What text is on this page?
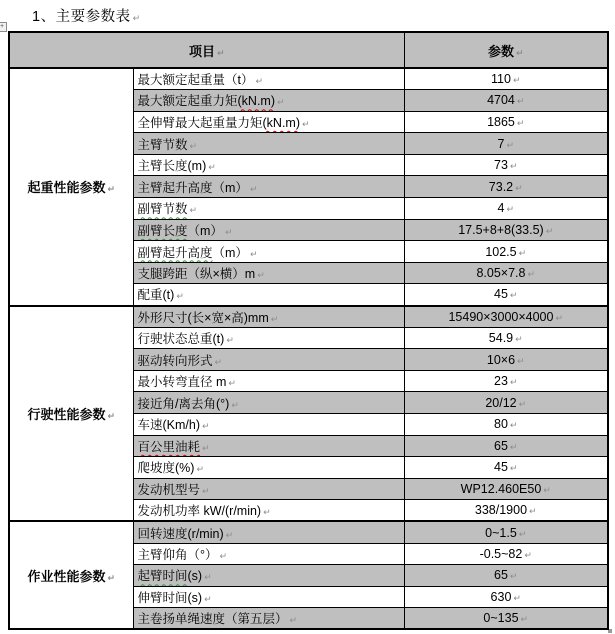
1、主要参数表 ↵
+
项目 ↵		参数 ↵
起重性能参数 ↵	最大额定起重量（t） ↵	110 ↵
	最大额定起重力矩(kN.m) ↵	4704 ↵
	全伸臂最大起重量力矩(kN.m) ↵	1865 ↵
	主臂节数 ↵	7 ↵
	主臂长度(m) ↵	73 ↵
	主臂起升高度（m） ↵	73.2 ↵
	副臂节数 ↵	4 ↵
	副臂长度（m） ↵	17.5+8+8(33.5) ↵
	副臂起升高度（m） ↵	102.5 ↵
	支腿跨距（纵×横）m ↵	8.05×7.8 ↵
	配重(t) ↵	45 ↵
行驶性能参数 ↵	外形尺寸(长×宽×高)mm ↵	15490×3000×4000 ↵
	行驶状态总重(t) ↵	54.9 ↵
	驱动转向形式 ↵	10×6 ↵
	最小转弯直径 m ↵	23 ↵
	接近角/离去角(°) ↵	20/12 ↵
	车速(Km/h) ↵	80 ↵
	百公里油耗 ↵	65 ↵
	爬坡度(%) ↵	45 ↵
	发动机型号 ↵	WP12.460E50 ↵
	发动机功率 kW/(r/min) ↵	338/1900 ↵
作业性能参数 ↵	回转速度(r/min) ↵	0~1.5 ↵
	主臂仰角（°） ↵	-0.5~82 ↵
	起臂时间(s) ↵	65 ↵
	伸臂时间(s) ↵	630 ↵
	主卷扬单绳速度（第五层） ↵	0~135 ↵
